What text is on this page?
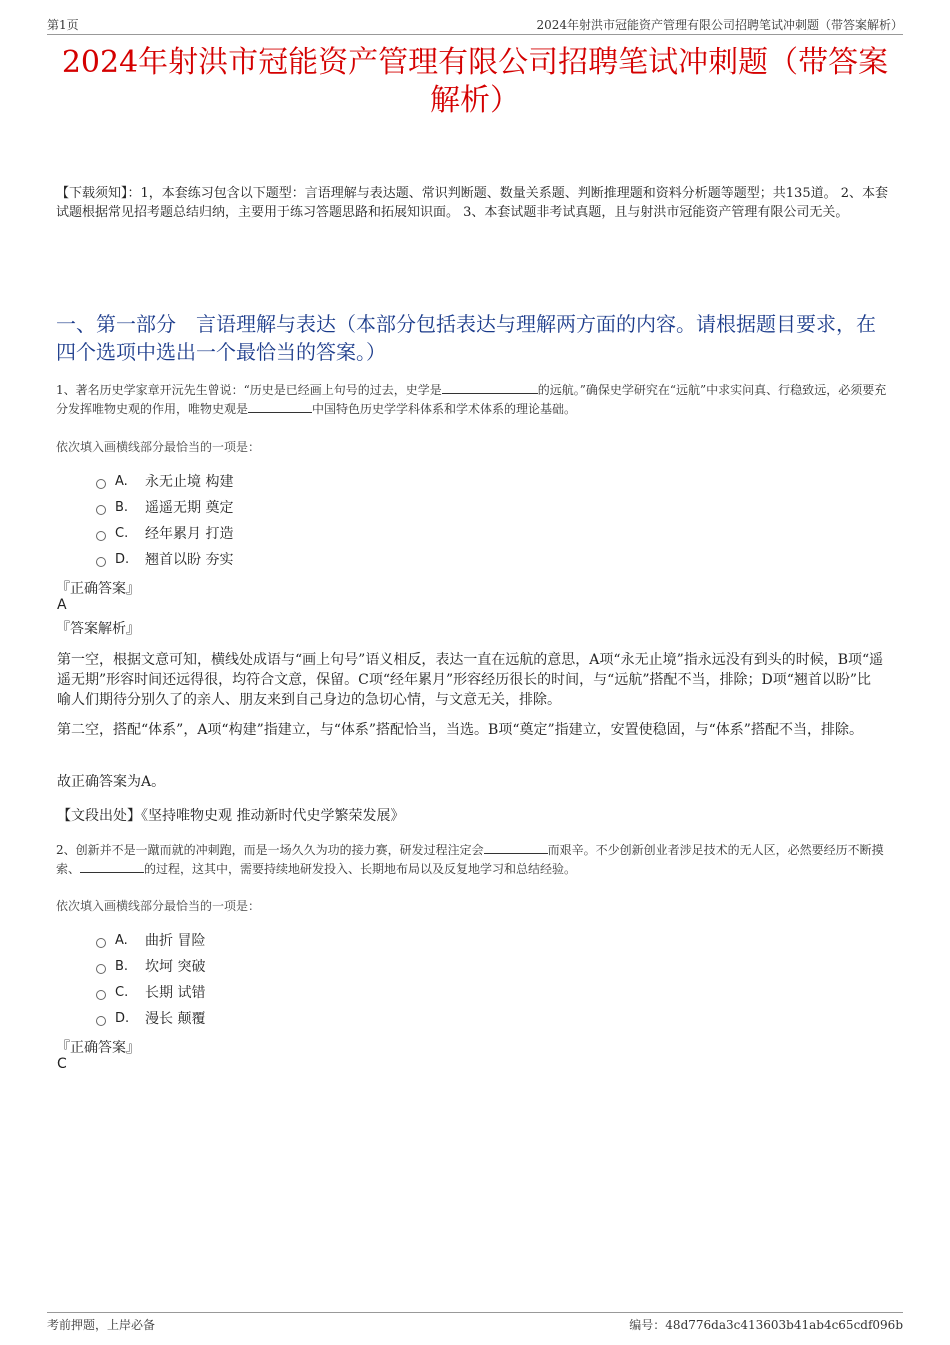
第1页	2024年射洪市冠能资产管理有限公司招聘笔试冲刺题（带答案解析）
2024年射洪市冠能资产管理有限公司招聘笔试冲刺题（带答案解析）
【下载须知】：1，本套练习包含以下题型：言语理解与表达题、常识判断题、数量关系题、判断推理题和资料分析题等题型；共135道。 2、本套试题根据常见招考题总结归纳，主要用于练习答题思路和拓展知识面。 3、本套试题非考试真题，且与射洪市冠能资产管理有限公司无关。
一、第一部分　言语理解与表达（本部分包括表达与理解两方面的内容。请根据题目要求，在四个选项中选出一个最恰当的答案。）
1、著名历史学家章开沅先生曾说：“历史是已经画上句号的过去，史学是	的远航。”确保史学研究在“远航”中求实问真、行稳致远，必须要充分发挥唯物史观的作用，唯物史观是	中国特色历史学学科体系和学术体系的理论基础。
依次填入画横线部分最恰当的一项是：
A.	永无止境 构建
B.	遥遥无期 奠定
C.	经年累月 打造
D.	翘首以盼 夯实
『正确答案』
A
『答案解析』
第一空，根据文意可知，横线处成语与“画上句号”语义相反，表达一直在远航的意思，A项“永无止境”指永远没有到头的时候，B项“遥遥无期”形容时间还远得很，均符合文意，保留。C项“经年累月”形容经历很长的时间，与“远航”搭配不当，排除；D项“翘首以盼”比喻人们期待分别久了的亲人、朋友来到自己身边的急切心情，与文意无关，排除。
第二空，搭配“体系”，A项“构建”指建立，与“体系”搭配恰当，当选。B项“奠定”指建立，安置使稳固，与“体系”搭配不当，排除。
故正确答案为A。
【文段出处】《坚持唯物史观 推动新时代史学繁荣发展》
2、创新并不是一蹴而就的冲刺跑，而是一场久久为功的接力赛，研发过程注定会	而艰辛。不少创新创业者涉足技术的无人区，必然要经历不断摸索、	的过程，这其中，需要持续地研发投入、长期地布局以及反复地学习和总结经验。
依次填入画横线部分最恰当的一项是：
A.	曲折 冒险
B.	坎坷 突破
C.	长期 试错
D.	漫长 颠覆
『正确答案』
C
考前押题，上岸必备	编号：48d776da3c413603b41ab4c65cdf096b
